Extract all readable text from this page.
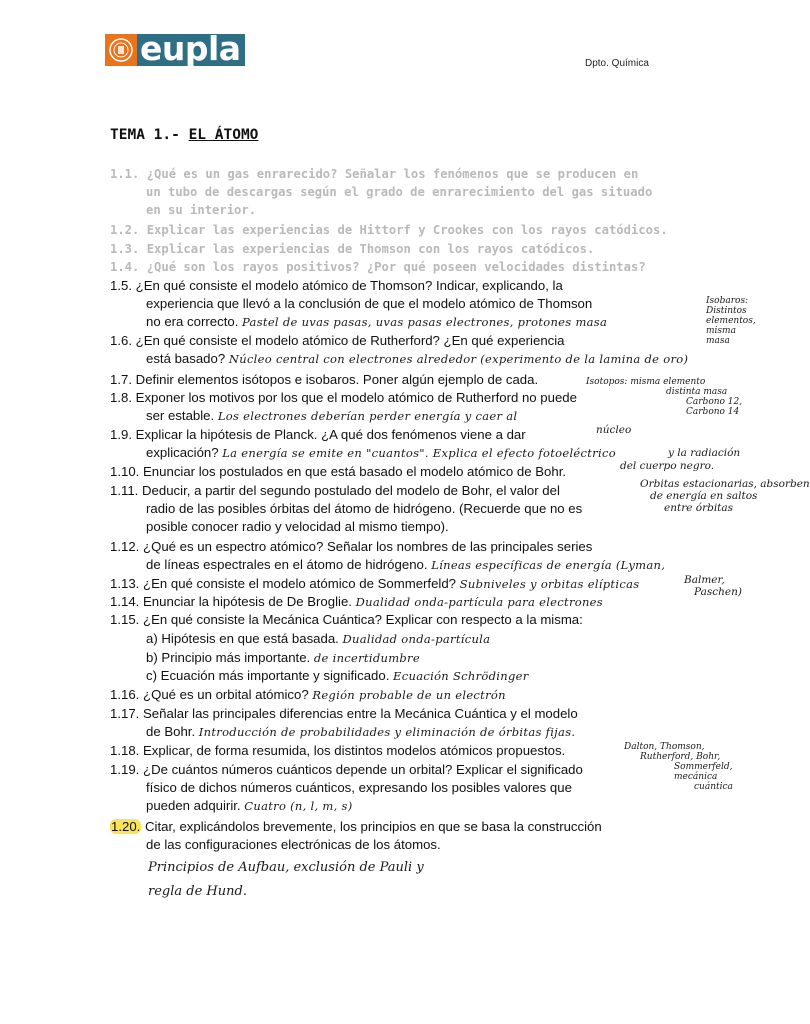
eupla	Dpto. Química
TEMA 1.- EL ÁTOMO
1.1. ¿Qué es un gas enrarecido? Señalar los fenómenos que se producen en
un tubo de descargas según el grado de enrarecimiento del gas situado
en su interior.
1.2. Explicar las experiencias de Hittorf y Crookes con los rayos catódicos.
1.3. Explicar las experiencias de Thomson con los rayos catódicos.
1.4. ¿Qué son los rayos positivos? ¿Por qué poseen velocidades distintas?
1.5. ¿En qué consiste el modelo atómico de Thomson? Indicar, explicando, la
experiencia que llevó a la conclusión de que el modelo atómico de Thomson
no era correcto. Pastel de uvas pasas, uvas pasas electrones, protones masa
1.6. ¿En qué consiste el modelo atómico de Rutherford? ¿En qué experiencia
está basado? Núcleo central con electrones alrededor (experimento de la lamina de oro)
1.7. Definir elementos isótopos e isobaros. Poner algún ejemplo de cada.
1.8. Exponer los motivos por los que el modelo atómico de Rutherford no puede
ser estable. Los electrones deberían perder energía y caer al
1.9. Explicar la hipótesis de Planck. ¿A qué dos fenómenos viene a dar
explicación? La energía se emite en "cuantos". Explica el efecto fotoeléctrico
1.10. Enunciar los postulados en que está basado el modelo atómico de Bohr.
1.11. Deducir, a partir del segundo postulado del modelo de Bohr, el valor del
radio de las posibles órbitas del átomo de hidrógeno. (Recuerde que no es
posible conocer radio y velocidad al mismo tiempo).
1.12. ¿Qué es un espectro atómico? Señalar los nombres de las principales series
de líneas espectrales en el átomo de hidrógeno. Líneas específicas de energía (Lyman,
1.13. ¿En qué consiste el modelo atómico de Sommerfeld? Subniveles y orbitas elípticas
1.14. Enunciar la hipótesis de De Broglie. Dualidad onda-partícula para electrones
1.15. ¿En qué consiste la Mecánica Cuántica? Explicar con respecto a la misma:
a) Hipótesis en que está basada. Dualidad onda-partícula
b) Principio más importante. de incertidumbre
c) Ecuación más importante y significado. Ecuación Schrödinger
1.16. ¿Qué es un orbital atómico? Región probable de un electrón
1.17. Señalar las principales diferencias entre la Mecánica Cuántica y el modelo
de Bohr. Introducción de probabilidades y eliminación de órbitas fijas.
1.18. Explicar, de forma resumida, los distintos modelos atómicos propuestos.
1.19. ¿De cuántos números cuánticos depende un orbital? Explicar el significado
físico de dichos números cuánticos, expresando los posibles valores que
pueden adquirir. Cuatro (n, l, m, s)
1.20. Citar, explicándolos brevemente, los principios en que se basa la construcción
de las configuraciones electrónicas de los átomos.
Isobaros:
Distintos
elementos,
misma
masa
Isotopos: misma elemento
distinta masa
Carbono 12,
Carbono 14
núcleo
y la radiación
del cuerpo negro.
Orbitas estacionarias, absorben
de energía en saltos
entre órbitas
Balmer,
Paschen)
Dalton, Thomson,
Rutherford, Bohr,
Sommerfeld,
mecánica
cuántica
Principios de Aufbau, exclusión de Pauli y
regla de Hund.
